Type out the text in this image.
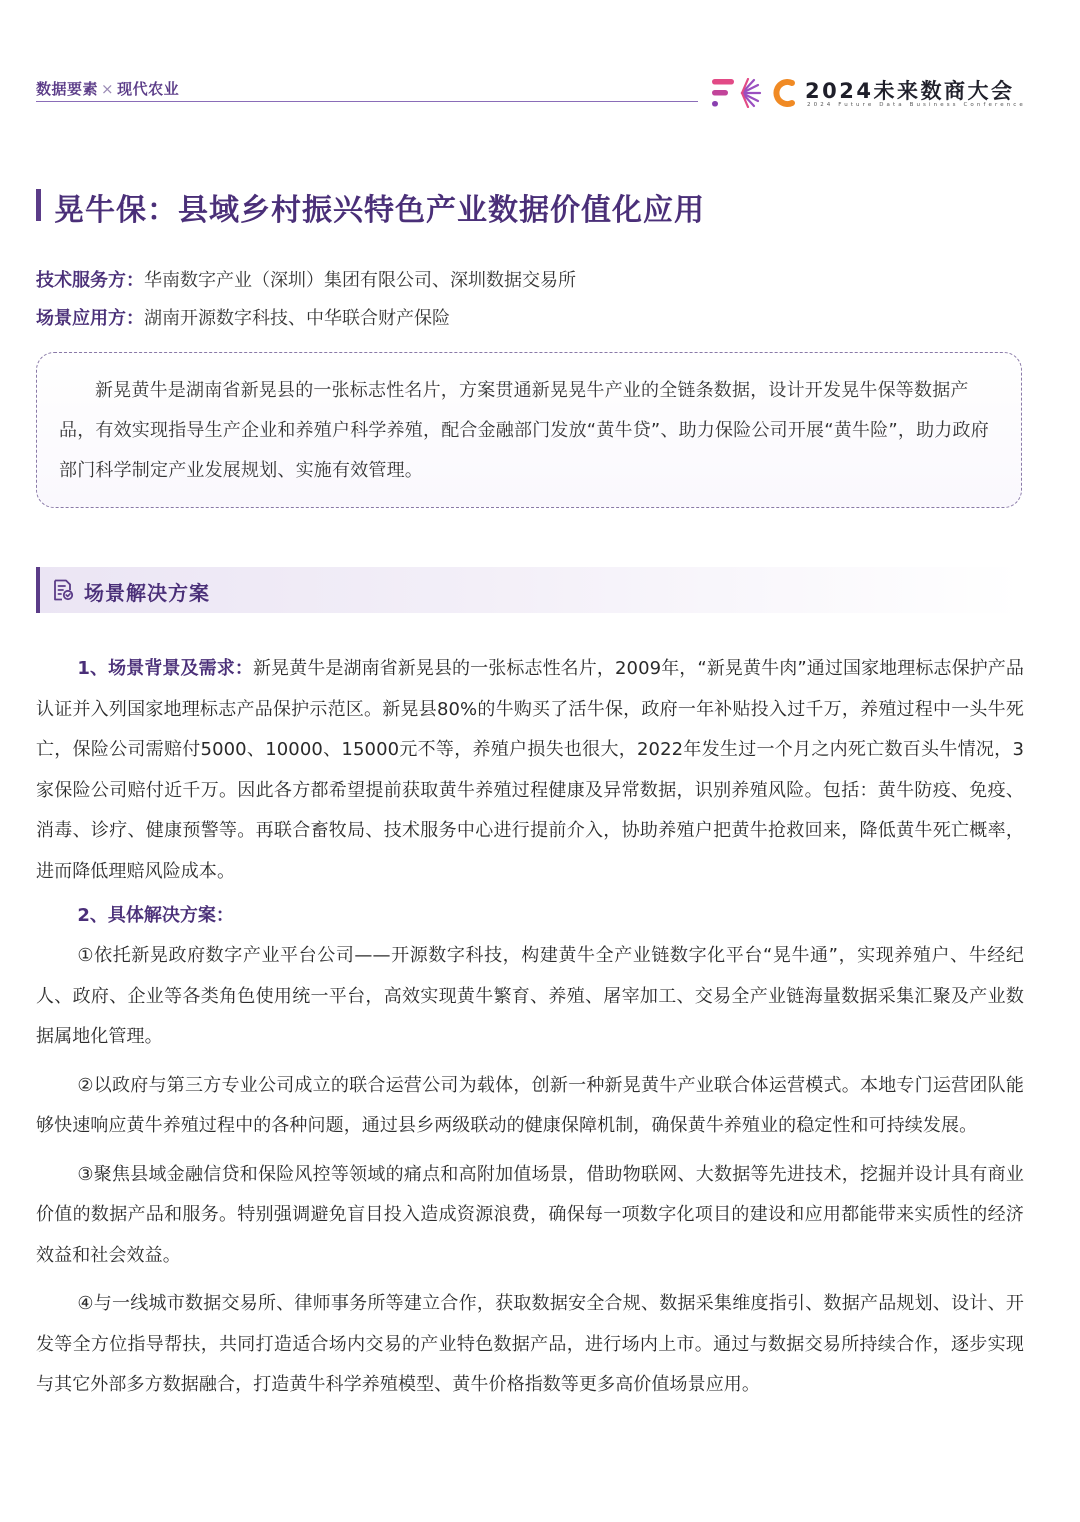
数据要素 × 现代农业	2024未来数商大会
2024 Future Data Business Conference
晃牛保：县域乡村振兴特色产业数据价值化应用
技术服务方：华南数字产业（深圳）集团有限公司、深圳数据交易所
场景应用方：湖南开源数字科技、中华联合财产保险

新晃黄牛是湖南省新晃县的一张标志性名片，方案贯通新晃晃牛产业的全链条数据，设计开发晃牛保等数据产品，有效实现指导生产企业和养殖户科学养殖，配合金融部门发放“黄牛贷”、助力保险公司开展“黄牛险”，助力政府部门科学制定产业发展规划、实施有效管理。

场景解决方案

1、场景背景及需求：新晃黄牛是湖南省新晃县的一张标志性名片，2009年，“新晃黄牛肉”通过国家地理标志保护产品认证并入列国家地理标志产品保护示范区。新晃县80%的牛购买了活牛保，政府一年补贴投入过千万，养殖过程中一头牛死亡，保险公司需赔付5000、10000、15000元不等，养殖户损失也很大，2022年发生过一个月之内死亡数百头牛情况，3家保险公司赔付近千万。因此各方都希望提前获取黄牛养殖过程健康及异常数据，识别养殖风险。包括：黄牛防疫、免疫、消毒、诊疗、健康预警等。再联合畜牧局、技术服务中心进行提前介入，协助养殖户把黄牛抢救回来，降低黄牛死亡概率，进而降低理赔风险成本。

2、具体解决方案：

①依托新晃政府数字产业平台公司——开源数字科技，构建黄牛全产业链数字化平台“晃牛通”，实现养殖户、牛经纪人、政府、企业等各类角色使用统一平台，高效实现黄牛繁育、养殖、屠宰加工、交易全产业链海量数据采集汇聚及产业数据属地化管理。

②以政府与第三方专业公司成立的联合运营公司为载体，创新一种新晃黄牛产业联合体运营模式。本地专门运营团队能够快速响应黄牛养殖过程中的各种问题，通过县乡两级联动的健康保障机制，确保黄牛养殖业的稳定性和可持续发展。

③聚焦县域金融信贷和保险风控等领域的痛点和高附加值场景，借助物联网、大数据等先进技术，挖掘并设计具有商业价值的数据产品和服务。特别强调避免盲目投入造成资源浪费，确保每一项数字化项目的建设和应用都能带来实质性的经济效益和社会效益。

④与一线城市数据交易所、律师事务所等建立合作，获取数据安全合规、数据采集维度指引、数据产品规划、设计、开发等全方位指导帮扶，共同打造适合场内交易的产业特色数据产品，进行场内上市。通过与数据交易所持续合作，逐步实现与其它外部多方数据融合，打造黄牛科学养殖模型、黄牛价格指数等更多高价值场景应用。
